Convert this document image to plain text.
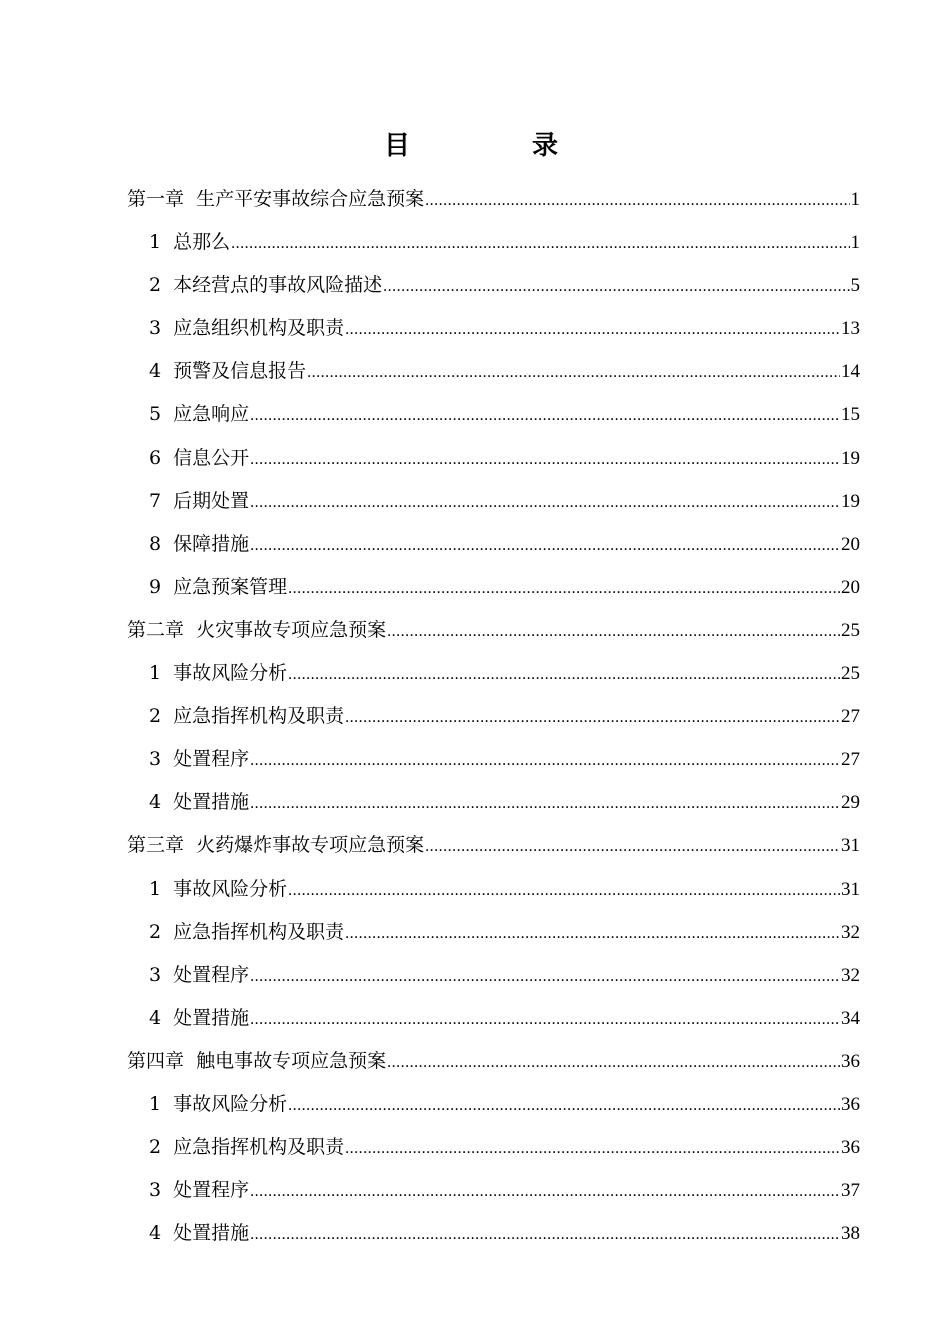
目　录
第一章  生产平安事故综合应急预案 .....	1
1  总那么 .....	1
2  本经营点的事故风险描述 .....	5
3  应急组织机构及职责 .....	13
4  预警及信息报告 .....	14
5  应急响应 .....	15
6  信息公开 .....	19
7  后期处置 .....	19
8  保障措施 .....	20
9  应急预案管理 .....	20
第二章  火灾事故专项应急预案 .....	25
1  事故风险分析 .....	25
2  应急指挥机构及职责 .....	27
3  处置程序 .....	27
4  处置措施 .....	29
第三章  火药爆炸事故专项应急预案 .....	31
1  事故风险分析 .....	31
2  应急指挥机构及职责 .....	32
3  处置程序 .....	32
4  处置措施 .....	34
第四章  触电事故专项应急预案 .....	36
1  事故风险分析 .....	36
2  应急指挥机构及职责 .....	36
3  处置程序 .....	37
4  处置措施 .....	38
